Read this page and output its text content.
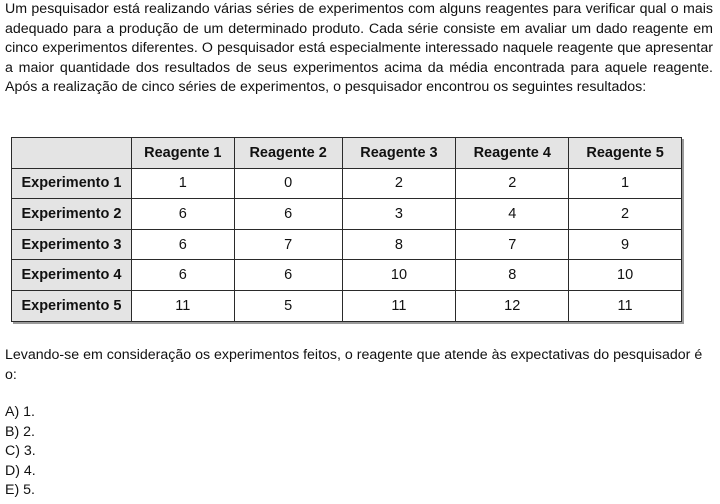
Um pesquisador está realizando várias séries de experimentos com alguns reagentes para verificar qual o mais adequado para a produção de um determinado produto. Cada série consiste em avaliar um dado reagente em cinco experimentos diferentes. O pesquisador está especialmente interessado naquele reagente que apresentar a maior quantidade dos resultados de seus experimentos acima da média encontrada para aquele reagente. Após a realização de cinco séries de experimentos, o pesquisador encontrou os seguintes resultados:

	Reagente 1	Reagente 2	Reagente 3	Reagente 4	Reagente 5
Experimento 1	1	0	2	2	1
Experimento 2	6	6	3	4	2
Experimento 3	6	7	8	7	9
Experimento 4	6	6	10	8	10
Experimento 5	11	5	11	12	11

Levando-se em consideração os experimentos feitos, o reagente que atende às expectativas do pesquisador é o:

A) 1.
B) 2.
C) 3.
D) 4.
E) 5.
